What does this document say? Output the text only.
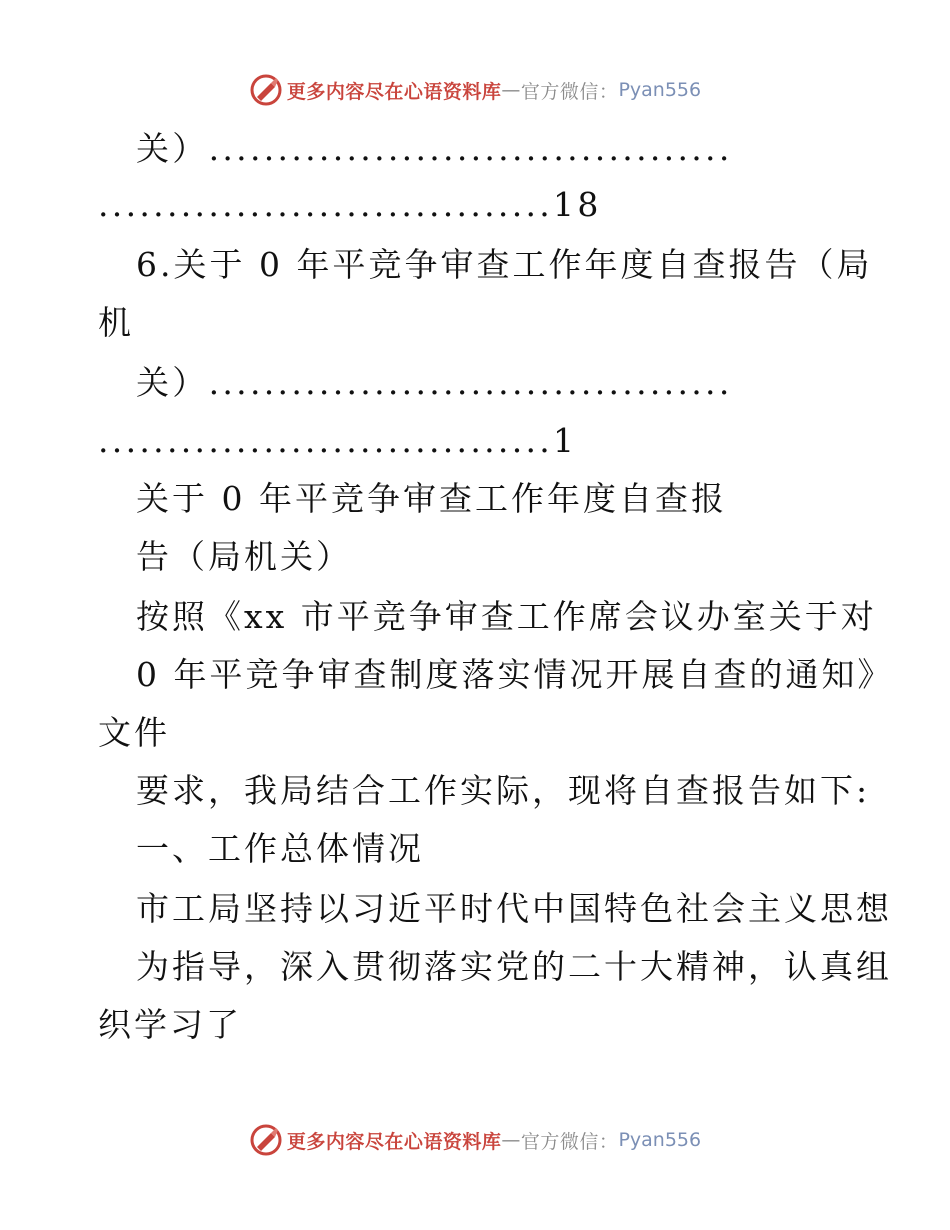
更多内容尽在心语资料库 — 官方微信： Pyan556
关）......................................
.................................18
6.关于 0 年平竞争审查工作年度自查报告（局
机
关）......................................
.................................1
关于 0 年平竞争审查工作年度自查报
告（局机关）
按照《xx 市平竞争审查工作席会议办室关于对
0 年平竞争审查制度落实情况开展自查的通知》
文件
要求，我局结合工作实际，现将自查报告如下:
一、工作总体情况
市工局坚持以习近平时代中国特色社会主义思想
为指导，深入贯彻落实党的二十大精神，认真组
织学习了
更多内容尽在心语资料库 — 官方微信： Pyan556
